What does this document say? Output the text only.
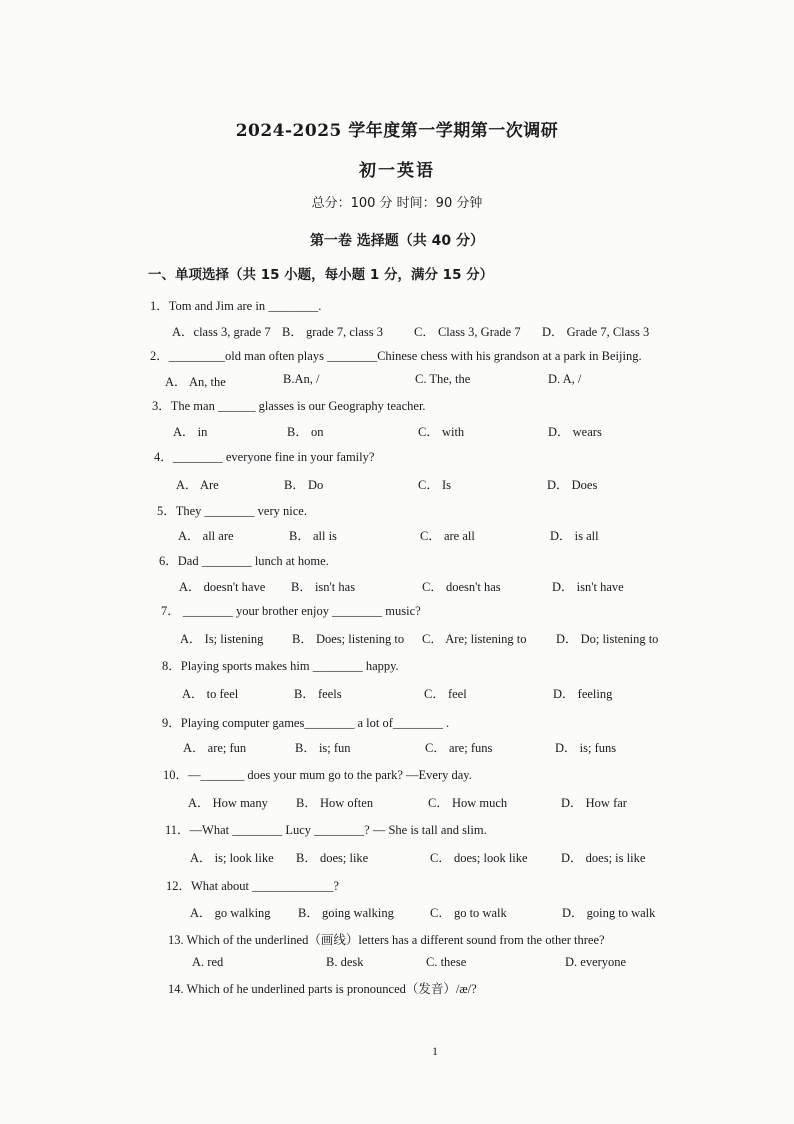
2024-2025 学年度第一学期第一次调研
初一英语
总分：100 分 时间：90 分钟
第一卷 选择题（共 40 分）
一、单项选择（共 15 小题，每小题 1 分，满分 15 分）
1．Tom and Jim are in ________.
A．class 3, grade 7 B． grade 7, class 3 C． Class 3, Grade 7 D． Grade 7, Class 3
2．_________old man often plays ________Chinese chess with his grandson at a park in Beijing.
A． An, the	B.An, /	C. The, the	D. A, /
3．The man ______ glasses is our Geography teacher.
A． in	B． on	C． with	D． wears
4．________ everyone fine in your family?
A． Are	B． Do	C． Is	D． Does
5．They ________ very nice.
A． all are	B． all is	C． are all	D． is all
6．Dad ________ lunch at home.
A． doesn't have B． isn't has	C． doesn't has	D． isn't have
7． ________ your brother enjoy ________ music?
A． Is; listening B． Does; listening to C． Are; listening to D． Do; listening to
8．Playing sports makes him ________ happy.
A． to feel	B． feels	C． feel	D． feeling
9．Playing computer games________ a lot of________ .
A． are; fun	B． is; fun	C． are; funs	D． is; funs
10．—_______ does your mum go to the park? —Every day.
A． How many B． How often	C． How much	D． How far
11．—What ________ Lucy ________? — She is tall and slim.
A． is; look like B． does; like	C． does; look like	D． does; is like
12．What about _____________?
A． go walking B． going walking	C． go to walk	D． going to walk
13. Which of the underlined（画线）letters has a different sound from the other three?
A. red	B. desk	C. these	D. everyone
14. Which of he underlined parts is pronounced（发音）/æ/?
1
